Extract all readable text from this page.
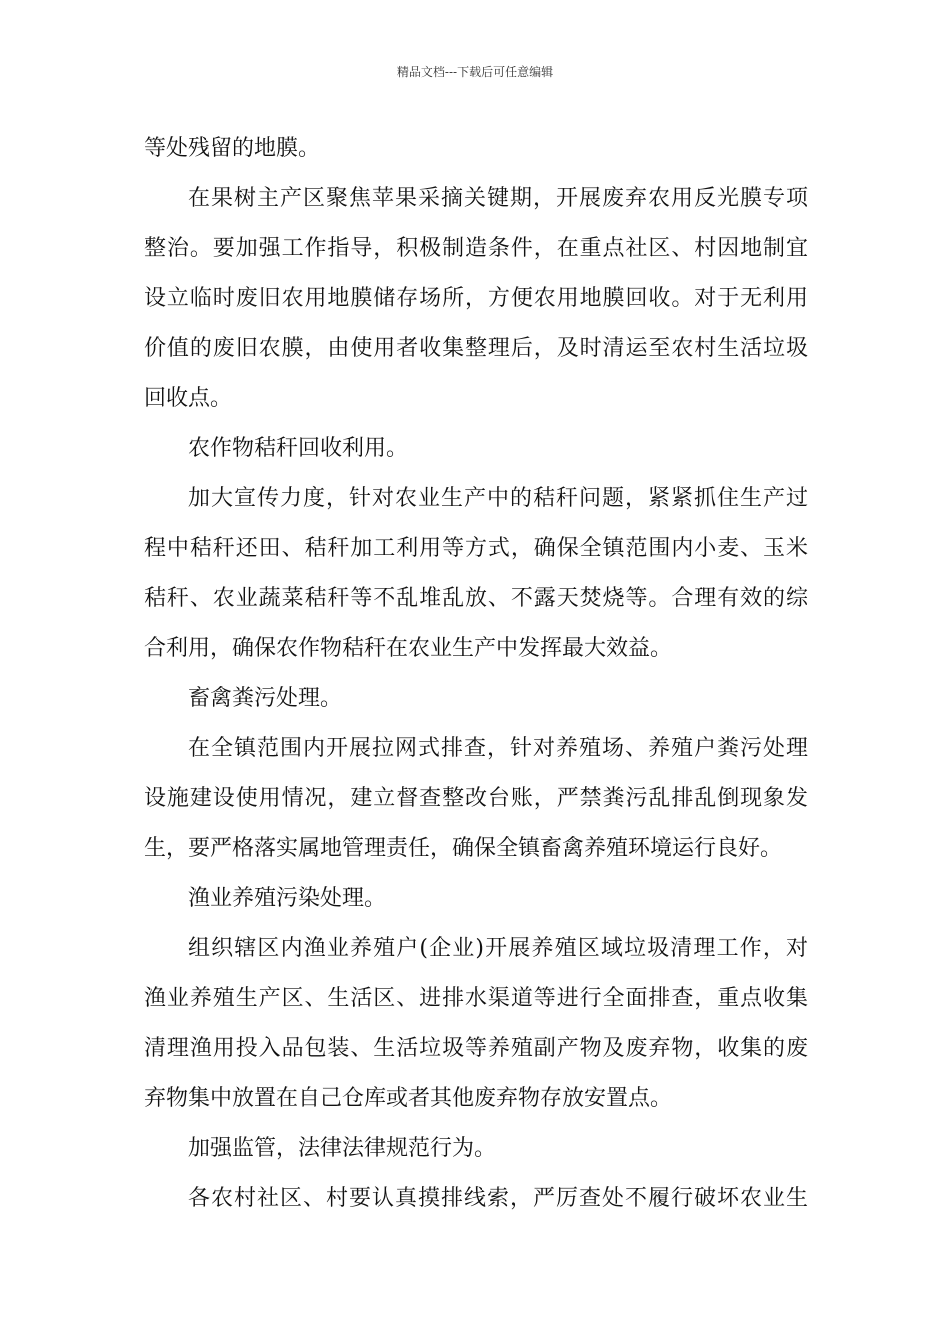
精品文档---下载后可任意编辑
等处残留的地膜。
在果树主产区聚焦苹果采摘关键期，开展废弃农用反光膜专项
整治。要加强工作指导，积极制造条件，在重点社区、村因地制宜
设立临时废旧农用地膜储存场所，方便农用地膜回收。对于无利用
价值的废旧农膜，由使用者收集整理后，及时清运至农村生活垃圾
回收点。
农作物秸秆回收利用。
加大宣传力度，针对农业生产中的秸秆问题，紧紧抓住生产过
程中秸秆还田、秸秆加工利用等方式，确保全镇范围内小麦、玉米
秸秆、农业蔬菜秸秆等不乱堆乱放、不露天焚烧等。合理有效的综
合利用，确保农作物秸秆在农业生产中发挥最大效益。
畜禽粪污处理。
在全镇范围内开展拉网式排查，针对养殖场、养殖户粪污处理
设施建设使用情况，建立督查整改台账，严禁粪污乱排乱倒现象发
生，要严格落实属地管理责任，确保全镇畜禽养殖环境运行良好。
渔业养殖污染处理。
组织辖区内渔业养殖户(企业)开展养殖区域垃圾清理工作，对
渔业养殖生产区、生活区、进排水渠道等进行全面排查，重点收集
清理渔用投入品包装、生活垃圾等养殖副产物及废弃物，收集的废
弃物集中放置在自己仓库或者其他废弃物存放安置点。
加强监管，法律法律规范行为。
各农村社区、村要认真摸排线索，严厉查处不履行破坏农业生
